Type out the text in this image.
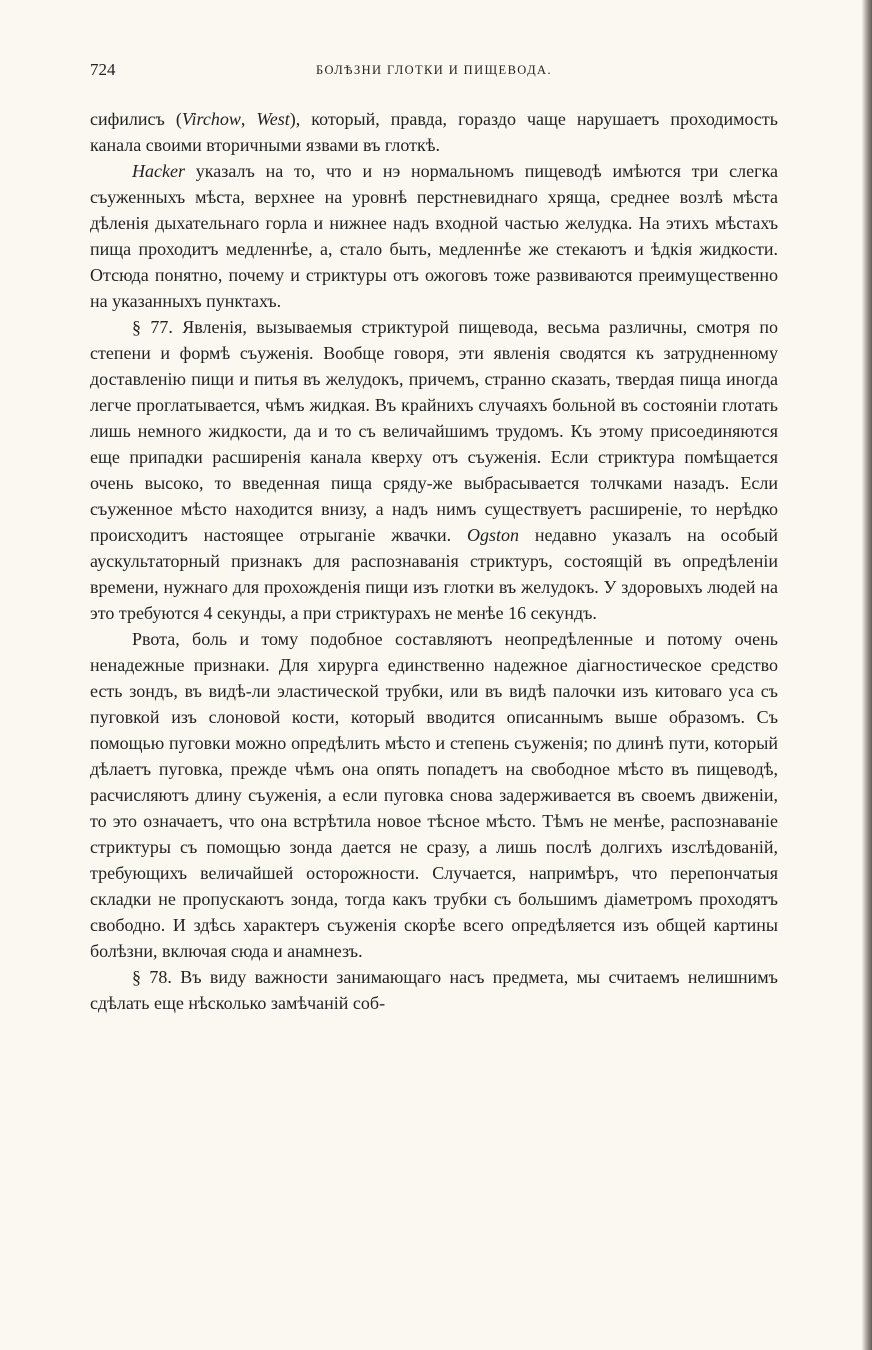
724	БОЛѢЗНИ ГЛОТКИ И ПИЩЕВОДА.

сифилисъ (Virchow, West), который, правда, гораздо чаще нарушаетъ проходимость канала своими вторичными язвами въ глоткѣ.

Hacker указалъ на то, что и нэ нормальномъ пищеводѣ имѣются три слегка съуженныхъ мѣста, верхнее на уровнѣ перстневиднаго хряща, среднее возлѣ мѣста дѣленія дыхательнаго горла и нижнее надъ входной частью желудка. На этихъ мѣстахъ пища проходитъ медленнѣе, а, стало быть, медленнѣе же стекаютъ и ѣдкія жидкости. Отсюда понятно, почему и стриктуры отъ ожоговъ тоже развиваются преимущественно на указанныхъ пунктахъ.

§ 77. Явленія, вызываемыя стриктурой пищевода, весьма различны, смотря по степени и формѣ съуженія. Вообще говоря, эти явленія сводятся къ затрудненному доставленію пищи и питья въ желудокъ, причемъ, странно сказать, твердая пища иногда легче проглатывается, чѣмъ жидкая. Въ крайнихъ случаяхъ больной въ состояніи глотать лишь немного жидкости, да и то съ величайшимъ трудомъ. Къ этому присоединяются еще припадки расширенія канала кверху отъ съуженія. Если стриктура помѣщается очень высоко, то введенная пища сряду-же выбрасывается толчками назадъ. Если съуженное мѣсто находится внизу, а надъ нимъ существуетъ расширеніе, то нерѣдко происходитъ настоящее отрыганіе жвачки. Ogston недавно указалъ на особый аускультаторный признакъ для распознаванія стриктуръ, состоящій въ опредѣленіи времени, нужнаго для прохожденія пищи изъ глотки въ желудокъ. У здоровыхъ людей на это требуются 4 секунды, а при стриктурахъ не менѣе 16 секундъ.

Рвота, боль и тому подобное составляютъ неопредѣленные и потому очень ненадежные признаки. Для хирурга единственно надежное діагностическое средство есть зондъ, въ видѣ-ли эластической трубки, или въ видѣ палочки изъ китоваго уса съ пуговкой изъ слоновой кости, который вводится описаннымъ выше образомъ. Съ помощью пуговки можно опредѣлить мѣсто и степень съуженія; по длинѣ пути, который дѣлаетъ пуговка, прежде чѣмъ она опять попадетъ на свободное мѣсто въ пищеводѣ, расчисляютъ длину съуженія, а если пуговка снова задерживается въ своемъ движеніи, то это означаетъ, что она встрѣтила новое тѣсное мѣсто. Тѣмъ не менѣе, распознаваніе стриктуры съ помощью зонда дается не сразу, а лишь послѣ долгихъ изслѣдованій, требующихъ величайшей осторожности. Случается, напримѣръ, что перепончатыя складки не пропускаютъ зонда, тогда какъ трубки съ большимъ діаметромъ проходятъ свободно. И здѣсь характеръ съуженія скорѣе всего опредѣляется изъ общей картины болѣзни, включая сюда и анамнезъ.

§ 78. Въ виду важности занимающаго насъ предмета, мы считаемъ нелишнимъ сдѣлать еще нѣсколько замѣчаній соб-
